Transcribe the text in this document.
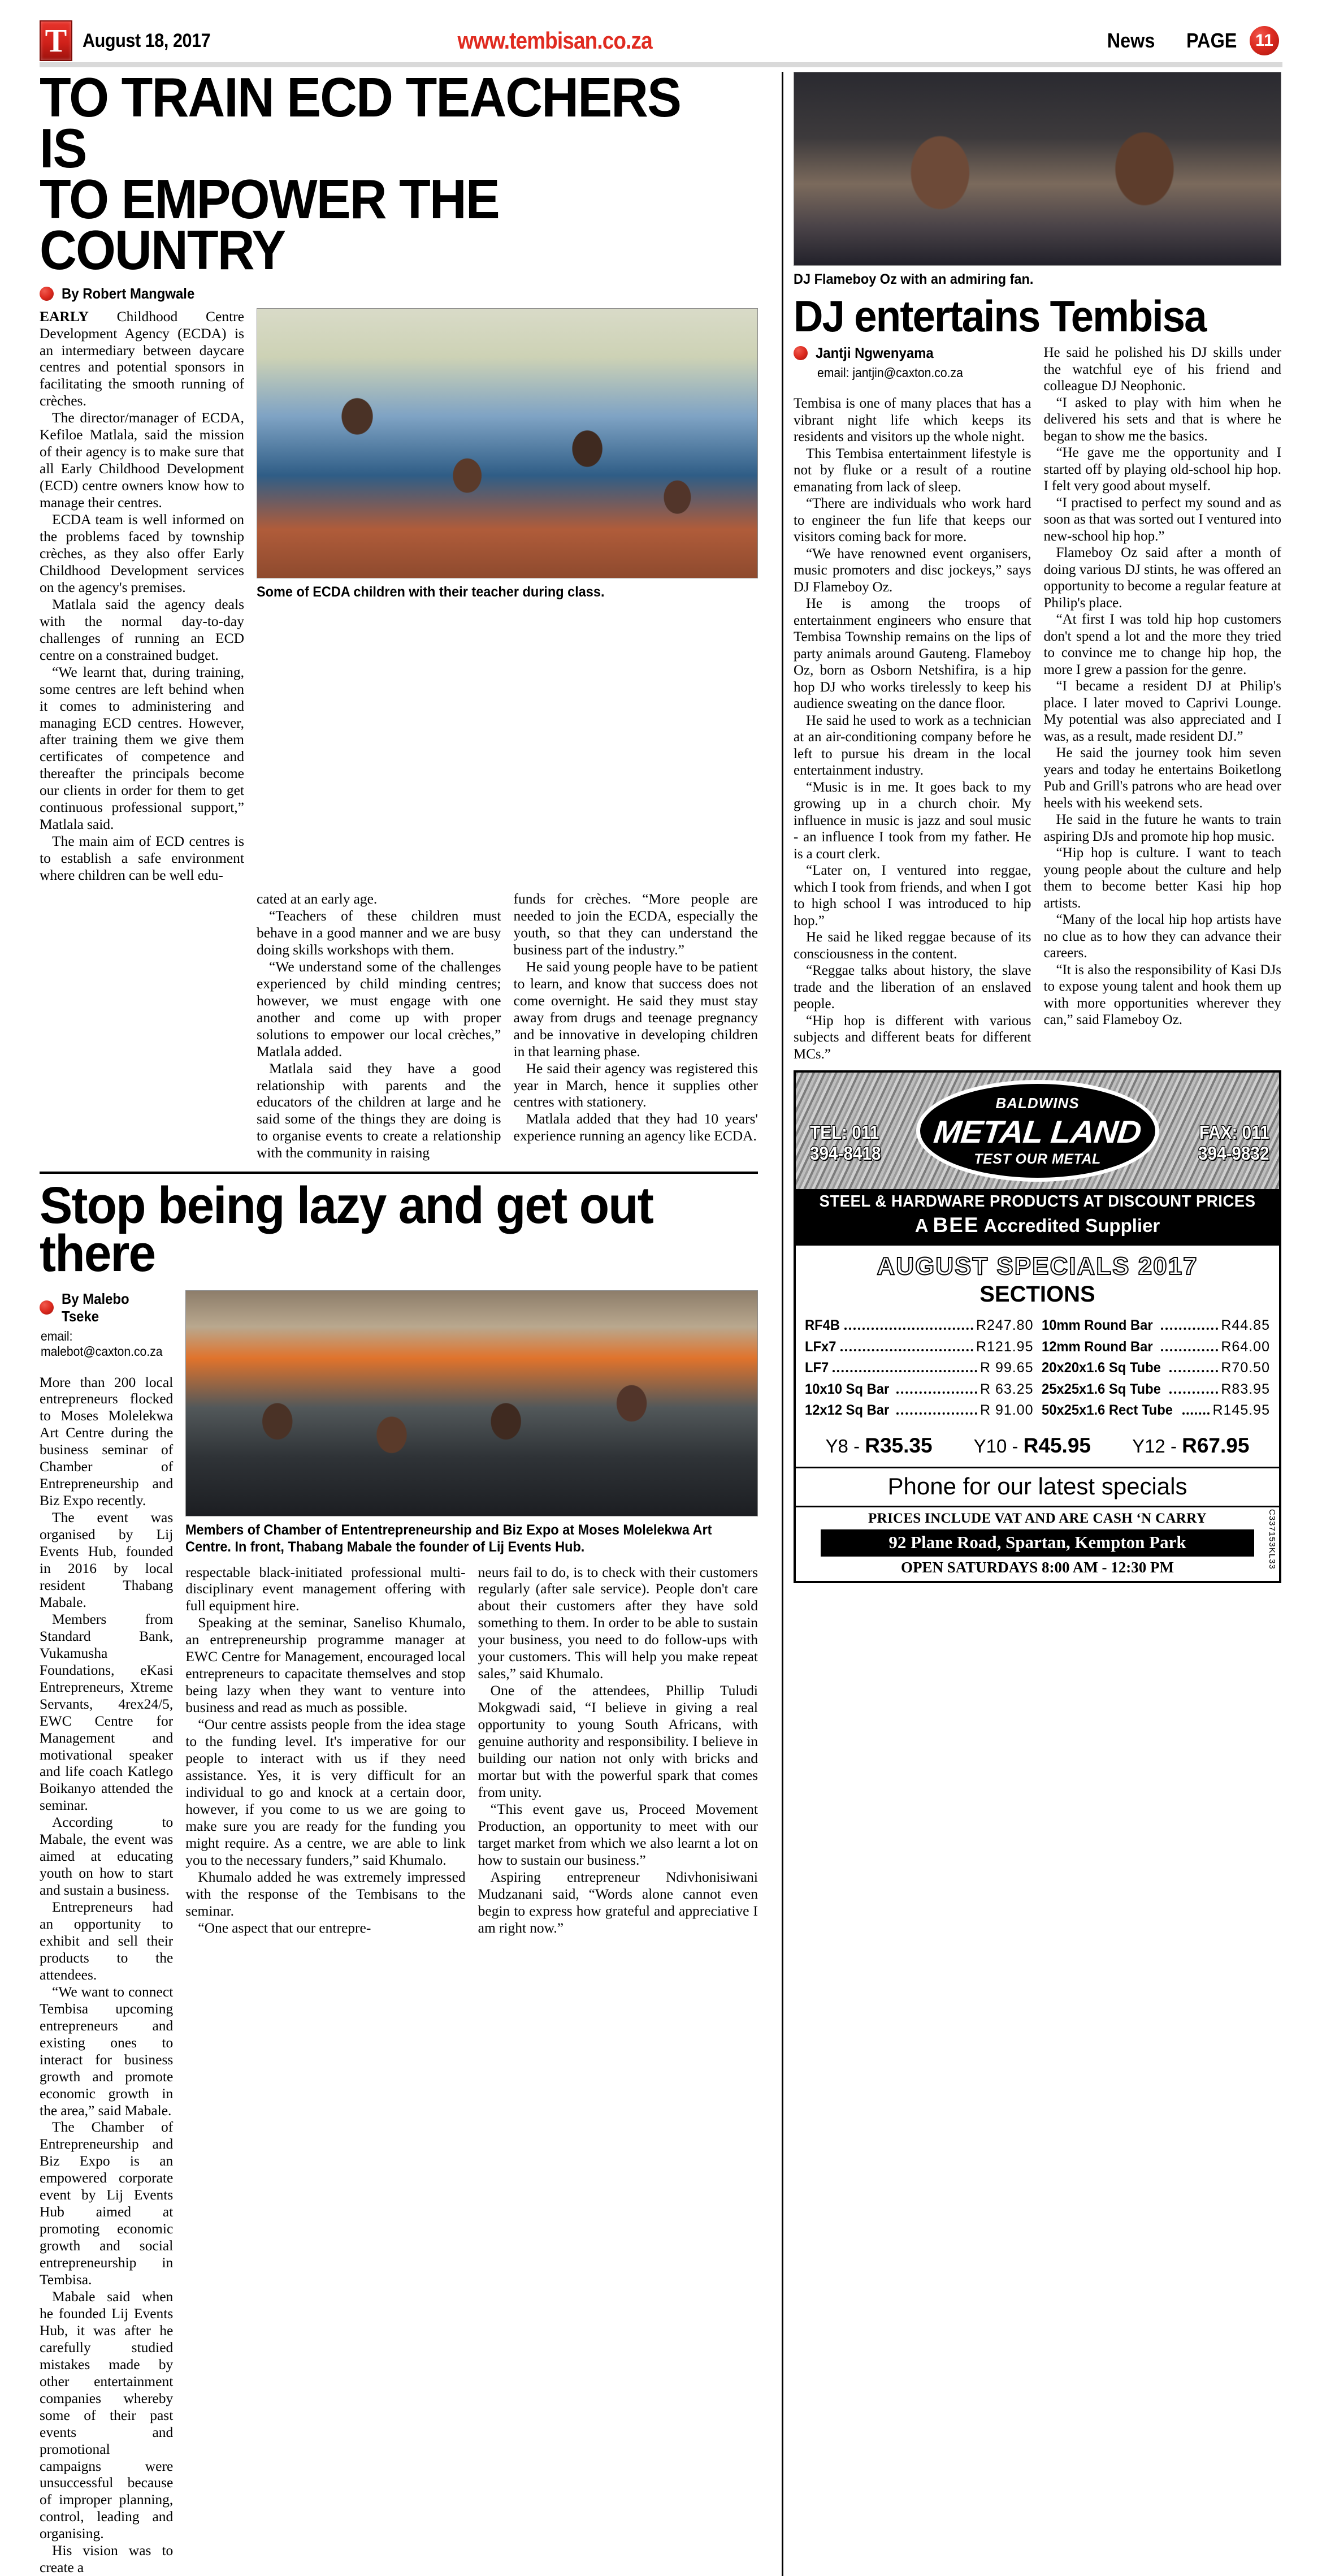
T August 18, 2017	www.tembisan.co.za	News PAGE	11
TO TRAIN ECD TEACHERS IS
TO EMPOWER THE COUNTRY
By Robert Mangwale

EARLY Childhood Centre Development Agency (ECDA) is an intermediary between daycare centres and potential sponsors in facilitating the smooth running of crèches.

The director/manager of ECDA, Kefiloe Matlala, said the mission of their agency is to make sure that all Early Childhood Development (ECD) centre owners know how to manage their centres.

ECDA team is well informed on the problems faced by township crèches, as they also offer Early Childhood Development services on the agency's premises.

Matlala said the agency deals with the normal day-to-day challenges of running an ECD centre on a constrained budget.

“We learnt that, during training, some centres are left behind when it comes to administering and managing ECD centres. However, after training them we give them certificates of competence and thereafter the principals become our clients in order for them to get continuous professional support,” Matlala said.

The main aim of ECD centres is to establish a safe environment where children can be well edu-

Some of ECDA children with their teacher during class.

cated at an early age.

“Teachers of these children must behave in a good manner and we are busy doing skills workshops with them.

“We understand some of the challenges experienced by child minding centres; however, we must engage with one another and come up with proper solutions to empower our local crèches,” Matlala added.

Matlala said they have a good relationship with parents and the educators of the children at large and he said some of the things they are doing is to organise events to create a relationship with the community in raising

funds for crèches. “More people are needed to join the ECDA, especially the youth, so that they can understand the business part of the industry.”

He said young people have to be patient to learn, and know that success does not come overnight. He said they must stay away from drugs and teenage pregnancy and be innovative in developing children in that learning phase.

He said their agency was registered this year in March, hence it supplies other centres with stationery.

Matlala added that they had 10 years' experience running an agency like ECDA.

Stop being lazy and get out there
By Malebo Tseke
email: malebot@caxton.co.za

More than 200 local entrepreneurs flocked to Moses Molelekwa Art Centre during the business seminar of Chamber of Entrepreneurship and Biz Expo recently.

The event was organised by Lij Events Hub, founded in 2016 by local resident Thabang Mabale.

Members from Standard Bank, Vukamusha Foundations, eKasi Entrepreneurs, Xtreme Servants, 4rex24/5, EWC Centre for Management and motivational speaker and life coach Katlego Boikanyo attended the seminar.

According to Mabale, the event was aimed at educating youth on how to start and sustain a business.

Entrepreneurs had an opportunity to exhibit and sell their products to the attendees.

“We want to connect Tembisa upcoming entrepreneurs and existing ones to interact for business growth and promote economic growth in the area,” said Mabale.

The Chamber of Entrepreneurship and Biz Expo is an empowered corporate event by Lij Events Hub aimed at promoting economic growth and social entrepreneurship in Tembisa.

Mabale said when he founded Lij Events Hub, it was after he carefully studied mistakes made by other entertainment companies whereby some of their past events and promotional campaigns were unsuccessful because of improper planning, control, leading and organising.

His vision was to create a

Members of Chamber of Ententrepreneurship and Biz Expo at Moses Molelekwa Art Centre. In front, Thabang Mabale the founder of Lij Events Hub.

respectable black-initiated professional multi-disciplinary event management offering with full equipment hire.

Speaking at the seminar, Saneliso Khumalo, an entrepreneurship programme manager at EWC Centre for Management, encouraged local entrepreneurs to capacitate themselves and stop being lazy when they want to venture into business and read as much as possible.

“Our centre assists people from the idea stage to the funding level. It's imperative for our people to interact with us if they need assistance. Yes, it is very difficult for an individual to go and knock at a certain door, however, if you come to us we are going to make sure you are ready for the funding you might require. As a centre, we are able to link you to the necessary funders,” said Khumalo.

Khumalo added he was extremely impressed with the response of the Tembisans to the seminar.

“One aspect that our entrepre-

neurs fail to do, is to check with their customers regularly (after sale service). People don't care about their customers after they have sold something to them. In order to be able to sustain your business, you need to do follow-ups with your customers. This will help you make repeat sales,” said Khumalo.

One of the attendees, Phillip Tuludi Mokgwadi said, “I believe in giving a real opportunity to young South Africans, with genuine authority and responsibility. I believe in building our nation not only with bricks and mortar but with the powerful spark that comes from unity.

“This event gave us, Proceed Movement Production, an opportunity to meet with our target market from which we also learnt a lot on how to sustain our business.”

Aspiring entrepreneur Ndivhonisiwani Mudzanani said, “Words alone cannot even begin to express how grateful and appreciative I am right now.”

DJ Flameboy Oz with an admiring fan.
DJ entertains Tembisa
Jantji Ngwenyama
email: jantjin@caxton.co.za

Tembisa is one of many places that has a vibrant night life which keeps its residents and visitors up the whole night.

This Tembisa entertainment lifestyle is not by fluke or a result of a routine emanating from lack of sleep.

“There are individuals who work hard to engineer the fun life that keeps our visitors coming back for more.

“We have renowned event organisers, music promoters and disc jockeys,” says DJ Flameboy Oz.

He is among the troops of entertainment engineers who ensure that Tembisa Township remains on the lips of party animals around Gauteng. Flameboy Oz, born as Osborn Netshifira, is a hip hop DJ who works tirelessly to keep his audience sweating on the dance floor.

He said he used to work as a technician at an air-conditioning company before he left to pursue his dream in the local entertainment industry.

“Music is in me. It goes back to my growing up in a church choir. My influence in music is jazz and soul music - an influence I took from my father. He is a court clerk.

“Later on, I ventured into reggae, which I took from friends, and when I got to high school I was introduced to hip hop.”

He said he liked reggae because of its consciousness in the content.

“Reggae talks about history, the slave trade and the liberation of an enslaved people.

“Hip hop is different with various subjects and different beats for different MCs.”

He said he polished his DJ skills under the watchful eye of his friend and colleague DJ Neophonic.

“I asked to play with him when he delivered his sets and that is where he began to show me the basics.

“He gave me the opportunity and I started off by playing old-school hip hop. I felt very good about myself.

“I practised to perfect my sound and as soon as that was sorted out I ventured into new-school hip hop.”

Flameboy Oz said after a month of doing various DJ stints, he was offered an opportunity to become a regular feature at Philip's place.

“At first I was told hip hop customers don't spend a lot and the more they tried to convince me to change hip hop, the more I grew a passion for the genre.

“I became a resident DJ at Philip's place. I later moved to Caprivi Lounge. My potential was also appreciated and I was, as a result, made resident DJ.”

He said the journey took him seven years and today he entertains Boiketlong Pub and Grill's patrons who are head over heels with his weekend sets.

He said in the future he wants to train aspiring DJs and promote hip hop music.

“Hip hop is culture. I want to teach young people about the culture and help them to become better Kasi hip hop artists.

“Many of the local hip hop artists have no clue as to how they can advance their careers.

“It is also the responsibility of Kasi DJs to expose young talent and hook them up with more opportunities wherever they can,” said Flameboy Oz.

TEL: 011
394-8418
BALDWINS
METAL LAND
TEST OUR METAL
FAX: 011
394-9832
STEEL & HARDWARE PRODUCTS AT DISCOUNT PRICES
A BEE Accredited Supplier
AUGUST SPECIALS 2017
SECTIONS
RF4B	R247.80
LFx7	R121.95
LF7	R 99.65
10x10 Sq Bar	R 63.25
12x12 Sq Bar	R 91.00
10mm Round Bar	R44.85
12mm Round Bar	R64.00
20x20x1.6 Sq Tube	R70.50
25x25x1.6 Sq Tube	R83.95
50x25x1.6 Rect Tube	R145.95
Y8 - R35.35 Y10 - R45.95 Y12 - R67.95
Phone for our latest specials
PRICES INCLUDE VAT AND ARE CASH ‘N CARRY
92 Plane Road, Spartan, Kempton Park
OPEN SATURDAYS 8:00 AM - 12:30 PM	C337153KL33
